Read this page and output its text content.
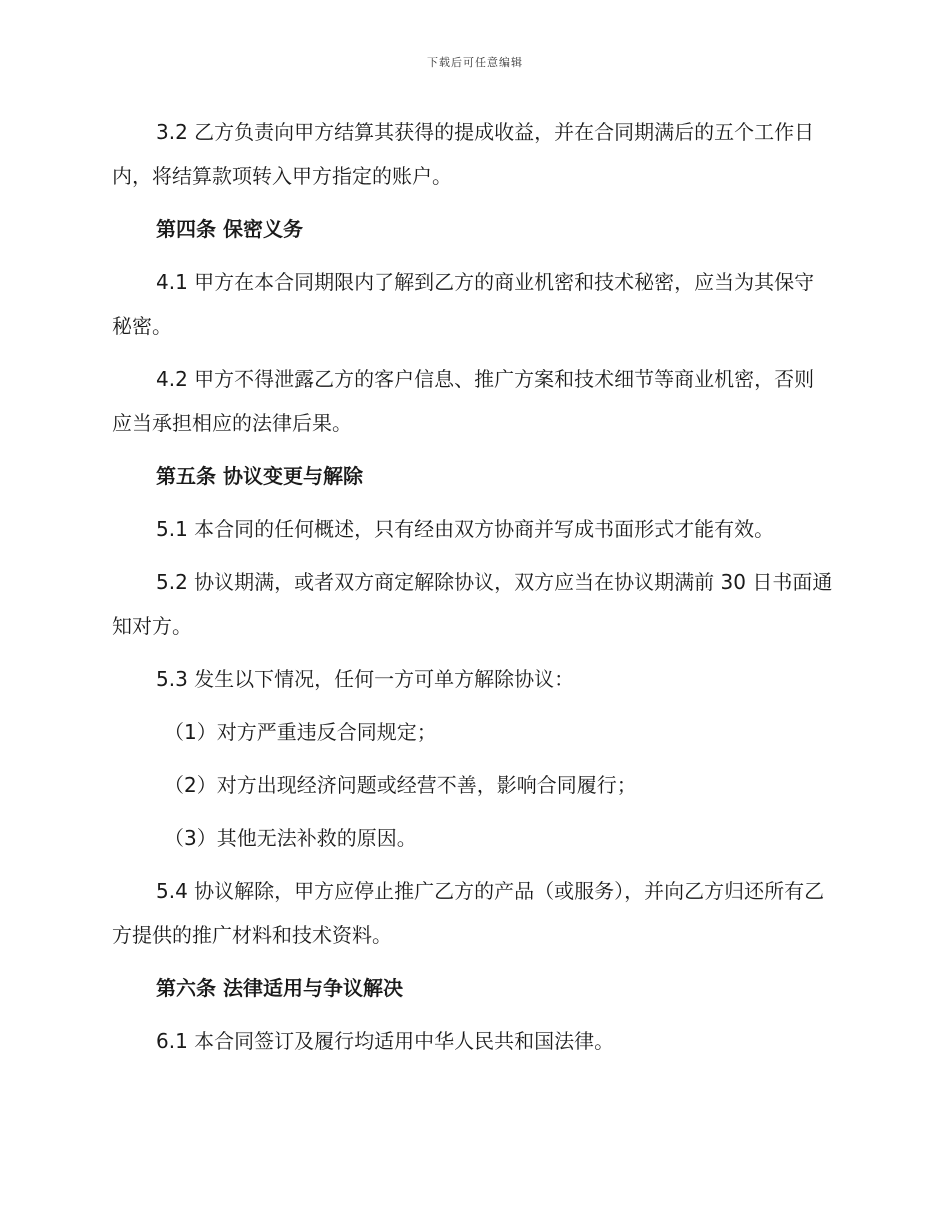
下载后可任意编辑

3.2 乙方负责向甲方结算其获得的提成收益，并在合同期满后的五个工作日内，将结算款项转入甲方指定的账户。

第四条 保密义务

4.1 甲方在本合同期限内了解到乙方的商业机密和技术秘密，应当为其保守秘密。

4.2 甲方不得泄露乙方的客户信息、推广方案和技术细节等商业机密，否则应当承担相应的法律后果。

第五条 协议变更与解除

5.1 本合同的任何概述，只有经由双方协商并写成书面形式才能有效。

5.2 协议期满，或者双方商定解除协议，双方应当在协议期满前 30 日书面通知对方。

5.3 发生以下情况，任何一方可单方解除协议：

（1）对方严重违反合同规定；

（2）对方出现经济问题或经营不善，影响合同履行；

（3）其他无法补救的原因。

5.4 协议解除，甲方应停止推广乙方的产品（或服务），并向乙方归还所有乙方提供的推广材料和技术资料。

第六条 法律适用与争议解决

6.1 本合同签订及履行均适用中华人民共和国法律。
